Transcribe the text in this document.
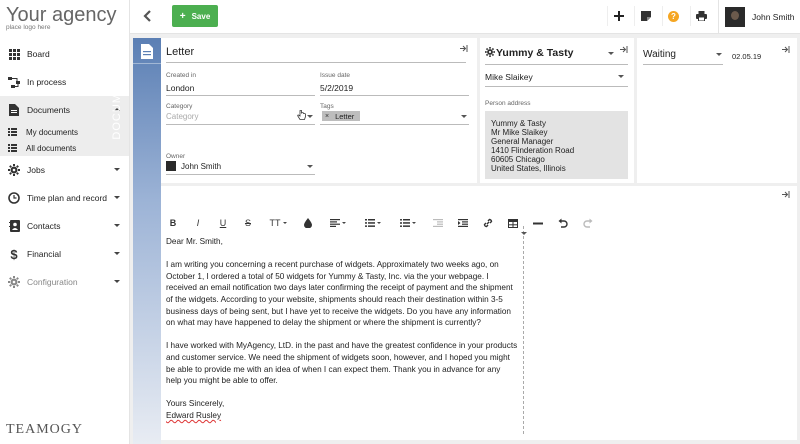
Your agency
place logo here
Board
In process
Documents
My documents
All documents
Jobs
Time plan and record
Contacts
$ Financial
Configuration
TEAMOGY
+ Save	?	John Smith
DOCUMENT
Letter
Created in
London
Issue date
5/2/2019
Category
Category
Tags
× Letter
Owner
John Smith
Yummy & Tasty
Mike Slaikey
Person address
Yummy & Tasty
Mr Mike Slaikey
General Manager
1410 Flinderation Road
60605 Chicago
United States, Illinois
Waiting	02.05.19
B I U S TT

Dear Mr. Smith,

I am writing you concerning a recent purchase of widgets. Approximately two weeks ago, on October 1, I ordered a total of 50 widgets for Yummy & Tasty, Inc. via the your webpage. I received an email notification two days later confirming the receipt of payment and the shipment of the widgets. According to your website, shipments should reach their destination within 3-5 business days of being sent, but I have yet to receive the widgets. Do you have any information on what may have happened to delay the shipment or where the shipment is currently?

I have worked with MyAgency, LtD. in the past and have the greatest confidence in your products and customer service. We need the shipment of widgets soon, however, and I hoped you might be able to provide me with an idea of when I can expect them. Thank you in advance for any help you might be able to offer.

Yours Sincerely,

Edward Rusley
